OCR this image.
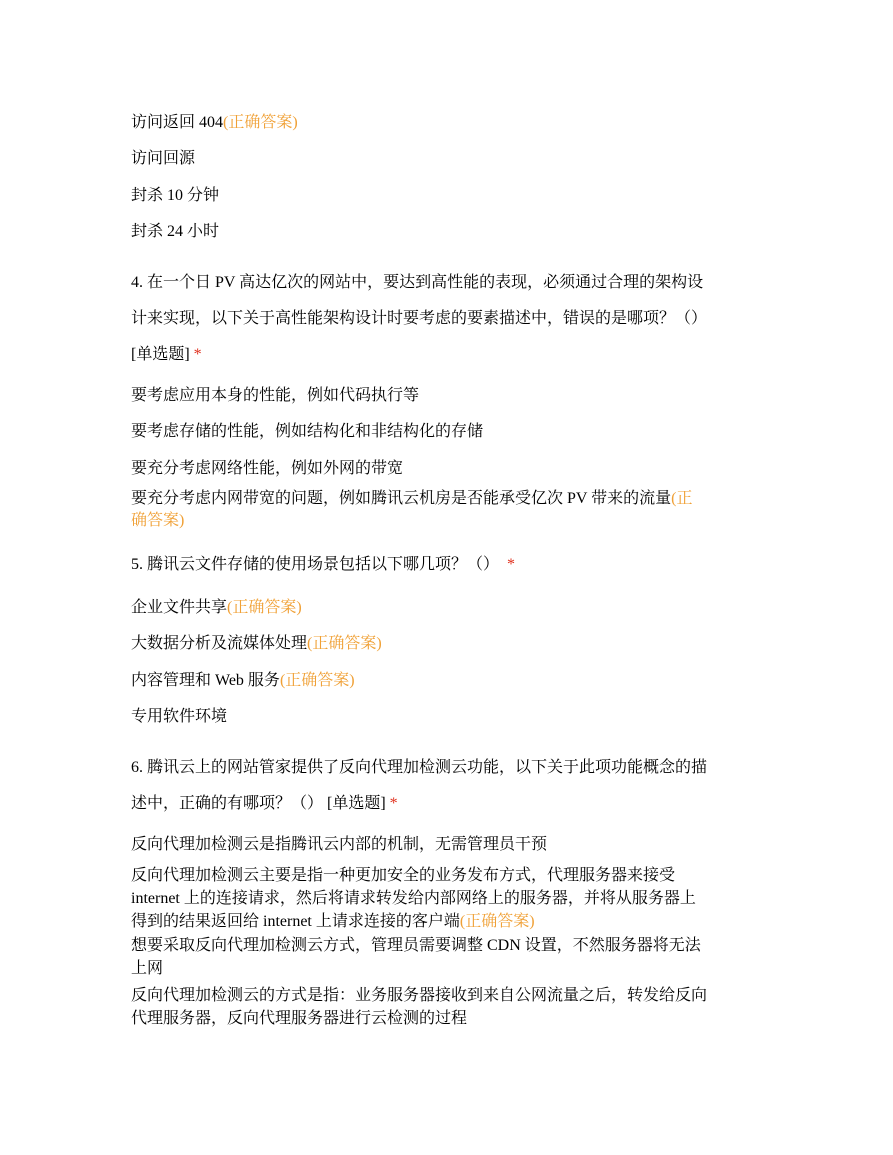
访问返回 404(正确答案)
访问回源
封杀 10 分钟
封杀 24 小时
4. 在一个日 PV 高达亿次的网站中，要达到高性能的表现，必须通过合理的架构设
计来实现，以下关于高性能架构设计时要考虑的要素描述中，错误的是哪项？（）
[单选题] *
要考虑应用本身的性能，例如代码执行等
要考虑存储的性能，例如结构化和非结构化的存储
要充分考虑网络性能，例如外网的带宽
要充分考虑内网带宽的问题，例如腾讯云机房是否能承受亿次 PV 带来的流量(正
确答案)
5. 腾讯云文件存储的使用场景包括以下哪几项？（） *
企业文件共享(正确答案)
大数据分析及流媒体处理(正确答案)
内容管理和 Web 服务(正确答案)
专用软件环境
6. 腾讯云上的网站管家提供了反向代理加检测云功能，以下关于此项功能概念的描
述中，正确的有哪项？（） [单选题] *
反向代理加检测云是指腾讯云内部的机制，无需管理员干预
反向代理加检测云主要是指一种更加安全的业务发布方式，代理服务器来接受
internet 上的连接请求，然后将请求转发给内部网络上的服务器，并将从服务器上
得到的结果返回给 internet 上请求连接的客户端(正确答案)
想要采取反向代理加检测云方式，管理员需要调整 CDN 设置，不然服务器将无法
上网
反向代理加检测云的方式是指：业务服务器接收到来自公网流量之后，转发给反向
代理服务器，反向代理服务器进行云检测的过程
